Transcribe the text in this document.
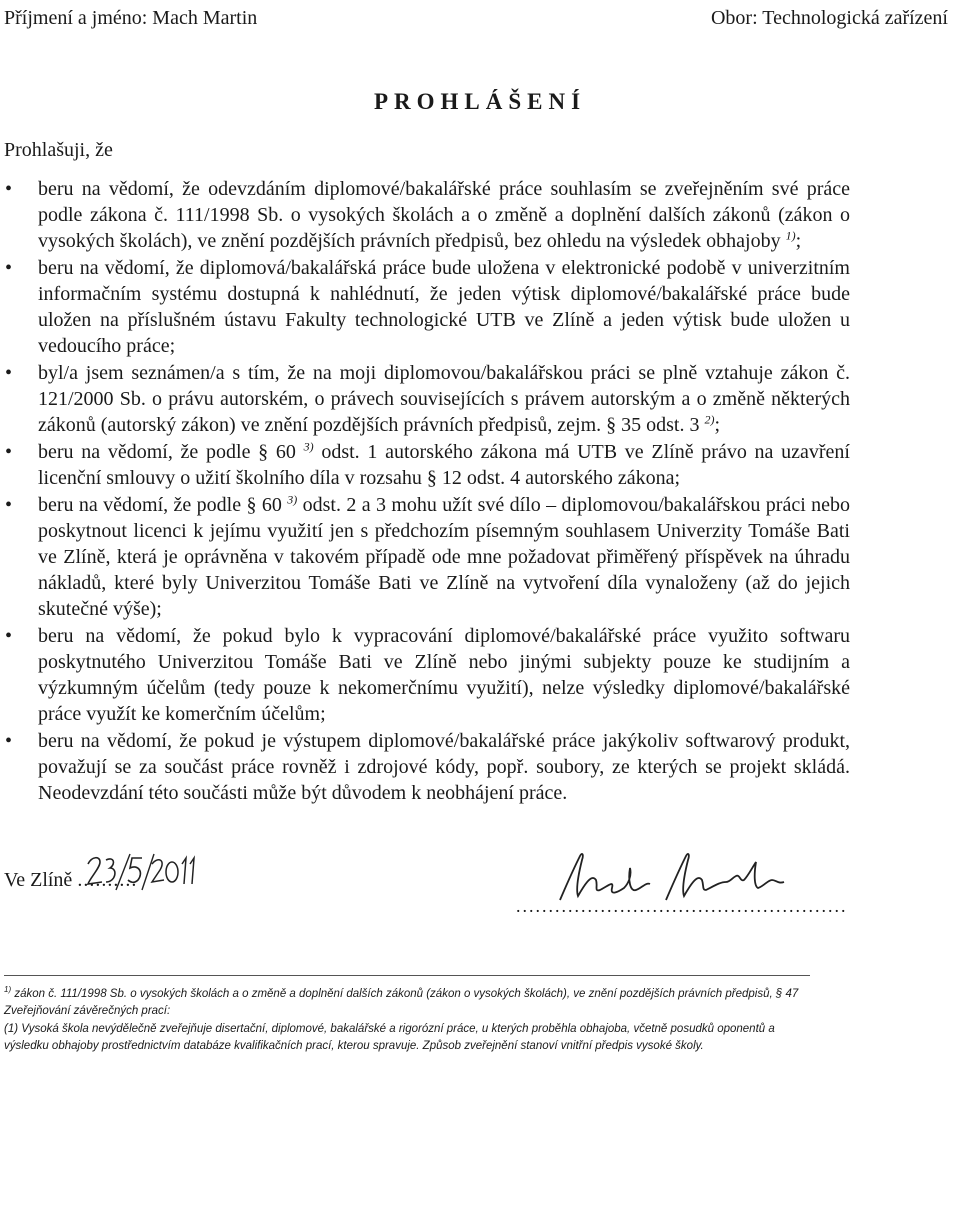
Příjmení a jméno: Mach Martin	Obor: Technologická zařízení
PROHLÁŠENÍ
Prohlašuji, že
• beru na vědomí, že odevzdáním diplomové/bakalářské práce souhlasím se zveřejněním své práce podle zákona č. 111/1998 Sb. o vysokých školách a o změně a doplnění dalších zákonů (zákon o vysokých školách), ve znění pozdějších právních předpisů, bez ohledu na výsledek obhajoby $^{1)}$;
• beru na vědomí, že diplomová/bakalářská práce bude uložena v elektronické podobě v univerzitním informačním systému dostupná k nahlédnutí, že jeden výtisk diplomové/bakalářské práce bude uložen na příslušném ústavu Fakulty technologické UTB ve Zlíně a jeden výtisk bude uložen u vedoucího práce;
• byl/a jsem seznámen/a s tím, že na moji diplomovou/bakalářskou práci se plně vztahuje zákon č. 121/2000 Sb. o právu autorském, o právech souvisejících s právem autorským a o změně některých zákonů (autorský zákon) ve znění pozdějších právních předpisů, zejm. § 35 odst. 3 $^{2)}$;
• beru na vědomí, že podle § 60 $^{3)}$ odst. 1 autorského zákona má UTB ve Zlíně právo na uzavření licenční smlouvy o užití školního díla v rozsahu § 12 odst. 4 autorského zákona;
• beru na vědomí, že podle § 60 $^{3)}$ odst. 2 a 3 mohu užít své dílo – diplomovou/bakalářskou práci nebo poskytnout licenci k jejímu využití jen s předchozím písemným souhlasem Univerzity Tomáše Bati ve Zlíně, která je oprávněna v takovém případě ode mne požadovat přiměřený příspěvek na úhradu nákladů, které byly Univerzitou Tomáše Bati ve Zlíně na vytvoření díla vynaloženy (až do jejich skutečné výše);
• beru na vědomí, že pokud bylo k vypracování diplomové/bakalářské práce využito softwaru poskytnutého Univerzitou Tomáše Bati ve Zlíně nebo jinými subjekty pouze ke studijním a výzkumným účelům (tedy pouze k nekomerčnímu využití), nelze výsledky diplomové/bakalářské práce využít ke komerčním účelům;
• beru na vědomí, že pokud je výstupem diplomové/bakalářské práce jakýkoliv softwarový produkt, považují se za součást práce rovněž i zdrojové kódy, popř. soubory, ze kterých se projekt skládá. Neodevzdání této součásti může být důvodem k neobhájení práce.
Ve Zlíně ..........
...................................................

$^{1)}$ zákon č. 111/1998 Sb. o vysokých školách a o změně a doplnění dalších zákonů (zákon o vysokých školách), ve znění pozdějších právních předpisů, § 47 Zveřejňování závěrečných prací:

(1) Vysoká škola nevýdělečně zveřejňuje disertační, diplomové, bakalářské a rigorózní práce, u kterých proběhla obhajoba, včetně posudků oponentů a výsledku obhajoby prostřednictvím databáze kvalifikačních prací, kterou spravuje. Způsob zveřejnění stanoví vnitřní předpis vysoké školy.
